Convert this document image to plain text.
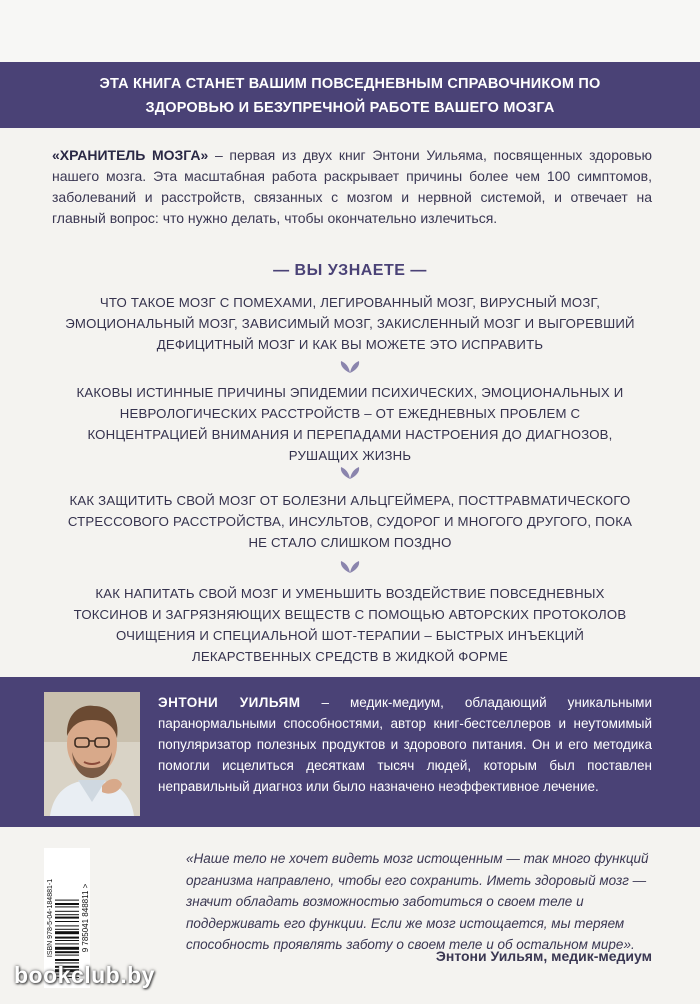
ЭТА КНИГА СТАНЕТ ВАШИМ ПОВСЕДНЕВНЫМ СПРАВОЧНИКОМ ПО
ЗДОРОВЬЮ И БЕЗУПРЕЧНОЙ РАБОТЕ ВАШЕГО МОЗГА
«ХРАНИТЕЛЬ МОЗГА» – первая из двух книг Энтони Уильяма, посвященных здоровью нашего мозга. Эта масштабная работа раскрывает причины более чем 100 симптомов, заболеваний и расстройств, связанных с мозгом и нервной системой, и отвечает на главный вопрос: что нужно делать, чтобы окончательно излечиться.
— ВЫ УЗНАЕТЕ —
ЧТО ТАКОЕ МОЗГ С ПОМЕХАМИ, ЛЕГИРОВАННЫЙ МОЗГ, ВИРУСНЫЙ МОЗГ, ЭМОЦИОНАЛЬНЫЙ МОЗГ, ЗАВИСИМЫЙ МОЗГ, ЗАКИСЛЕННЫЙ МОЗГ И ВЫГОРЕВШИЙ ДЕФИЦИТНЫЙ МОЗГ И КАК ВЫ МОЖЕТЕ ЭТО ИСПРАВИТЬ
КАКОВЫ ИСТИННЫЕ ПРИЧИНЫ ЭПИДЕМИИ ПСИХИЧЕСКИХ, ЭМОЦИОНАЛЬНЫХ И НЕВРОЛОГИЧЕСКИХ РАССТРОЙСТВ – ОТ ЕЖЕДНЕВНЫХ ПРОБЛЕМ С КОНЦЕНТРАЦИЕЙ ВНИМАНИЯ И ПЕРЕПАДАМИ НАСТРОЕНИЯ ДО ДИАГНОЗОВ, РУШАЩИХ ЖИЗНЬ
КАК ЗАЩИТИТЬ СВОЙ МОЗГ ОТ БОЛЕЗНИ АЛЬЦГЕЙМЕРА, ПОСТТРАВМАТИЧЕСКОГО СТРЕССОВОГО РАССТРОЙСТВА, ИНСУЛЬТОВ, СУДОРОГ И МНОГОГО ДРУГОГО, ПОКА НЕ СТАЛО СЛИШКОМ ПОЗДНО
КАК НАПИТАТЬ СВОЙ МОЗГ И УМЕНЬШИТЬ ВОЗДЕЙСТВИЕ ПОВСЕДНЕВНЫХ ТОКСИНОВ И ЗАГРЯЗНЯЮЩИХ ВЕЩЕСТВ С ПОМОЩЬЮ АВТОРСКИХ ПРОТОКОЛОВ ОЧИЩЕНИЯ И СПЕЦИАЛЬНОЙ ШОТ-ТЕРАПИИ – БЫСТРЫХ ИНЪЕКЦИЙ ЛЕКАРСТВЕННЫХ СРЕДСТВ В ЖИДКОЙ ФОРМЕ
ЭНТОНИ УИЛЬЯМ – медик-медиум, обладающий уникальными паранормальными способностями, автор книг-бестселлеров и неутомимый популяризатор полезных продуктов и здорового питания. Он и его методика помогли исцелиться десяткам тысяч людей, которым был поставлен неправильный диагноз или было назначено неэффективное лечение.
ISBN 978-5-04-184881-1	9 785041 848811 >
«Наше тело не хочет видеть мозг истощенным — так много функций организма направлено, чтобы его сохранить. Иметь здоровый мозг — значит обладать возможностью заботиться о своем теле и поддерживать его функции. Если же мозг истощается, мы теряем способность проявлять заботу о своем теле и об остальном мире».
Энтони Уильям, медик-медиум
bookclub.by
